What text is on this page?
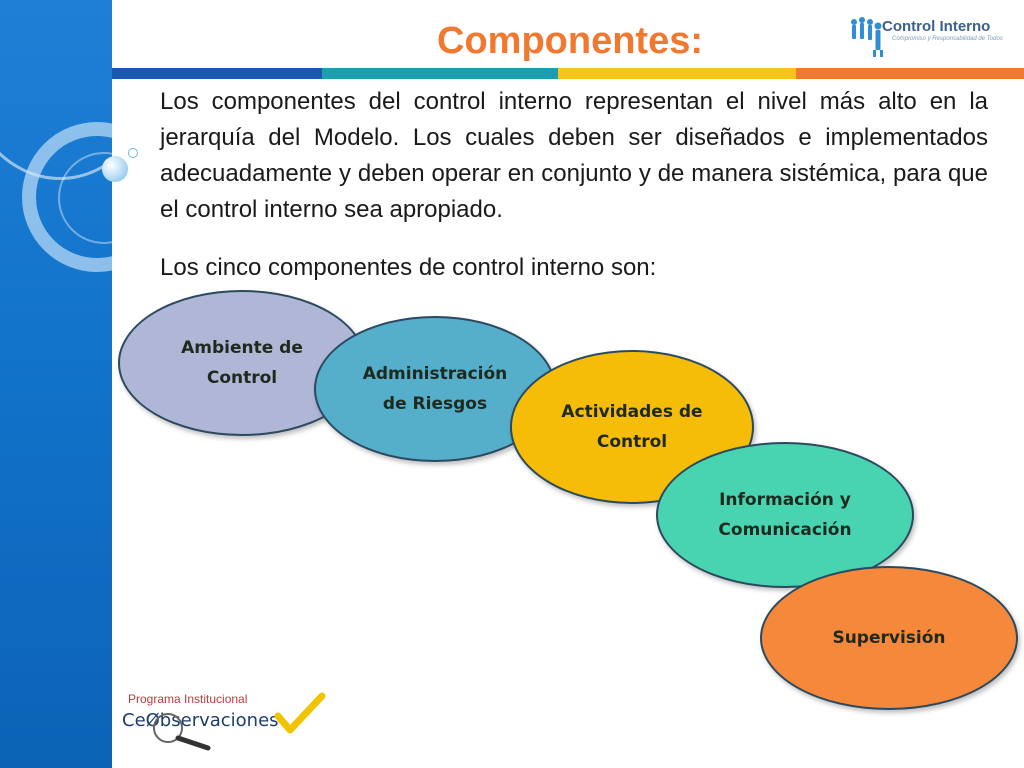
Componentes:	Control Interno
Compromiso y Responsabilidad de Todos

Los componentes del control interno representan el nivel más alto en la jerarquía del Modelo. Los cuales deben ser diseñados e implementados adecuadamente y deben operar en conjunto y de manera sistémica, para que el control interno sea apropiado.

Los cinco componentes de control interno son:

Ambiente de Control	Administración de Riesgos	Actividades de Control
Información y Comunicación
Supervisión
Programa Institucional
CeØbservaciones
